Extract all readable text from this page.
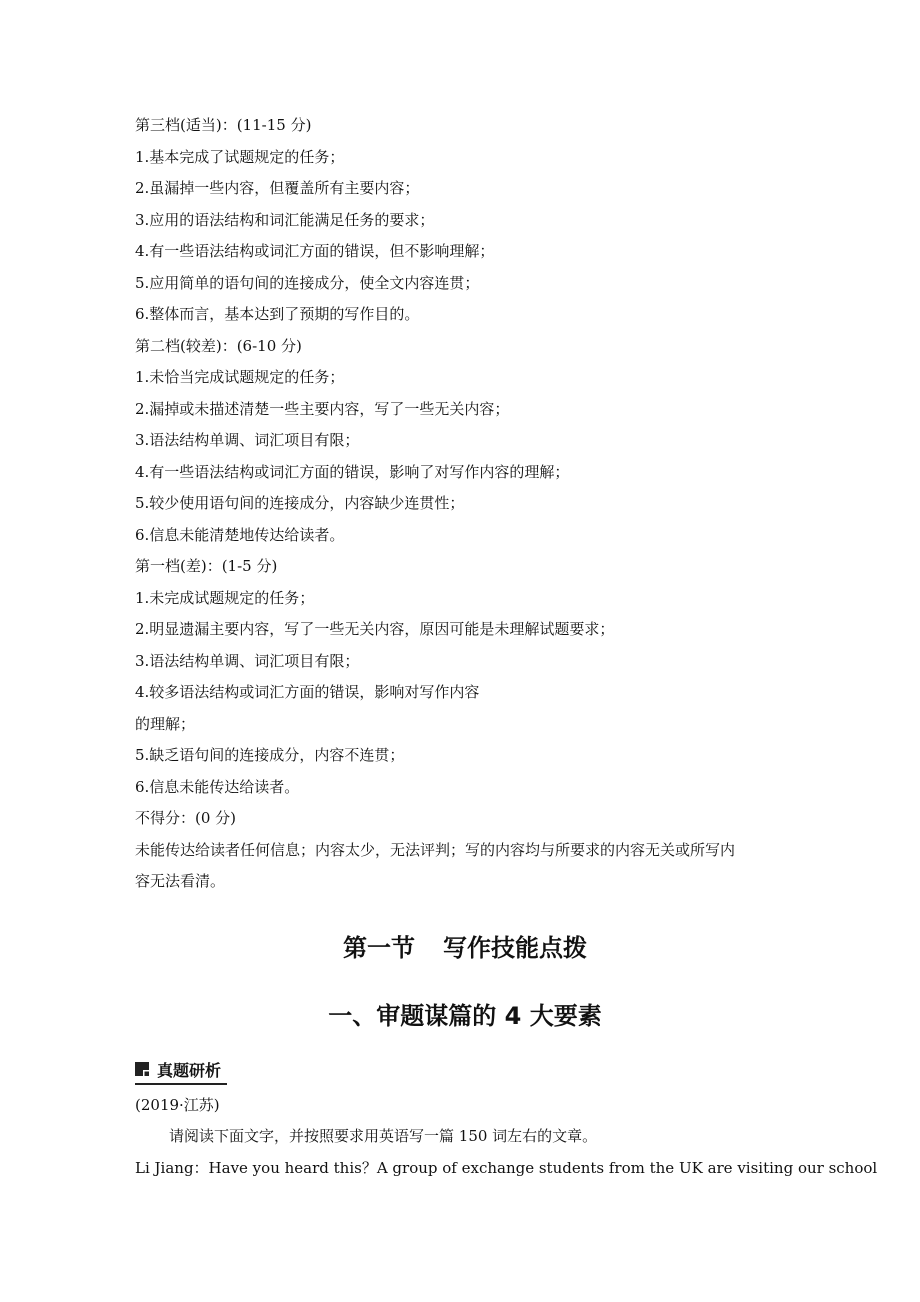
第三档(适当)：(11-15 分)
1.基本完成了试题规定的任务；
2.虽漏掉一些内容，但覆盖所有主要内容；
3.应用的语法结构和词汇能满足任务的要求；
4.有一些语法结构或词汇方面的错误，但不影响理解；
5.应用简单的语句间的连接成分，使全文内容连贯；
6.整体而言，基本达到了预期的写作目的。
第二档(较差)：(6-10 分)
1.未恰当完成试题规定的任务；
2.漏掉或未描述清楚一些主要内容，写了一些无关内容；
3.语法结构单调、词汇项目有限；
4.有一些语法结构或词汇方面的错误，影响了对写作内容的理解；
5.较少使用语句间的连接成分，内容缺少连贯性；
6.信息未能清楚地传达给读者。
第一档(差)：(1-5 分)
1.未完成试题规定的任务；
2.明显遗漏主要内容，写了一些无关内容，原因可能是未理解试题要求；
3.语法结构单调、词汇项目有限；
4.较多语法结构或词汇方面的错误，影响对写作内容
的理解；
5.缺乏语句间的连接成分，内容不连贯；
6.信息未能传达给读者。
不得分：(0 分)
未能传达给读者任何信息；内容太少，无法评判；写的内容均与所要求的内容无关或所写内
容无法看清。
第一节 写作技能点拨
一、审题谋篇的 4 大要素
真题研析
(2019·江苏)
请阅读下面文字，并按照要求用英语写一篇 150 词左右的文章。
Li Jiang：Have you heard this？A group of exchange students from the UK are visiting our school
